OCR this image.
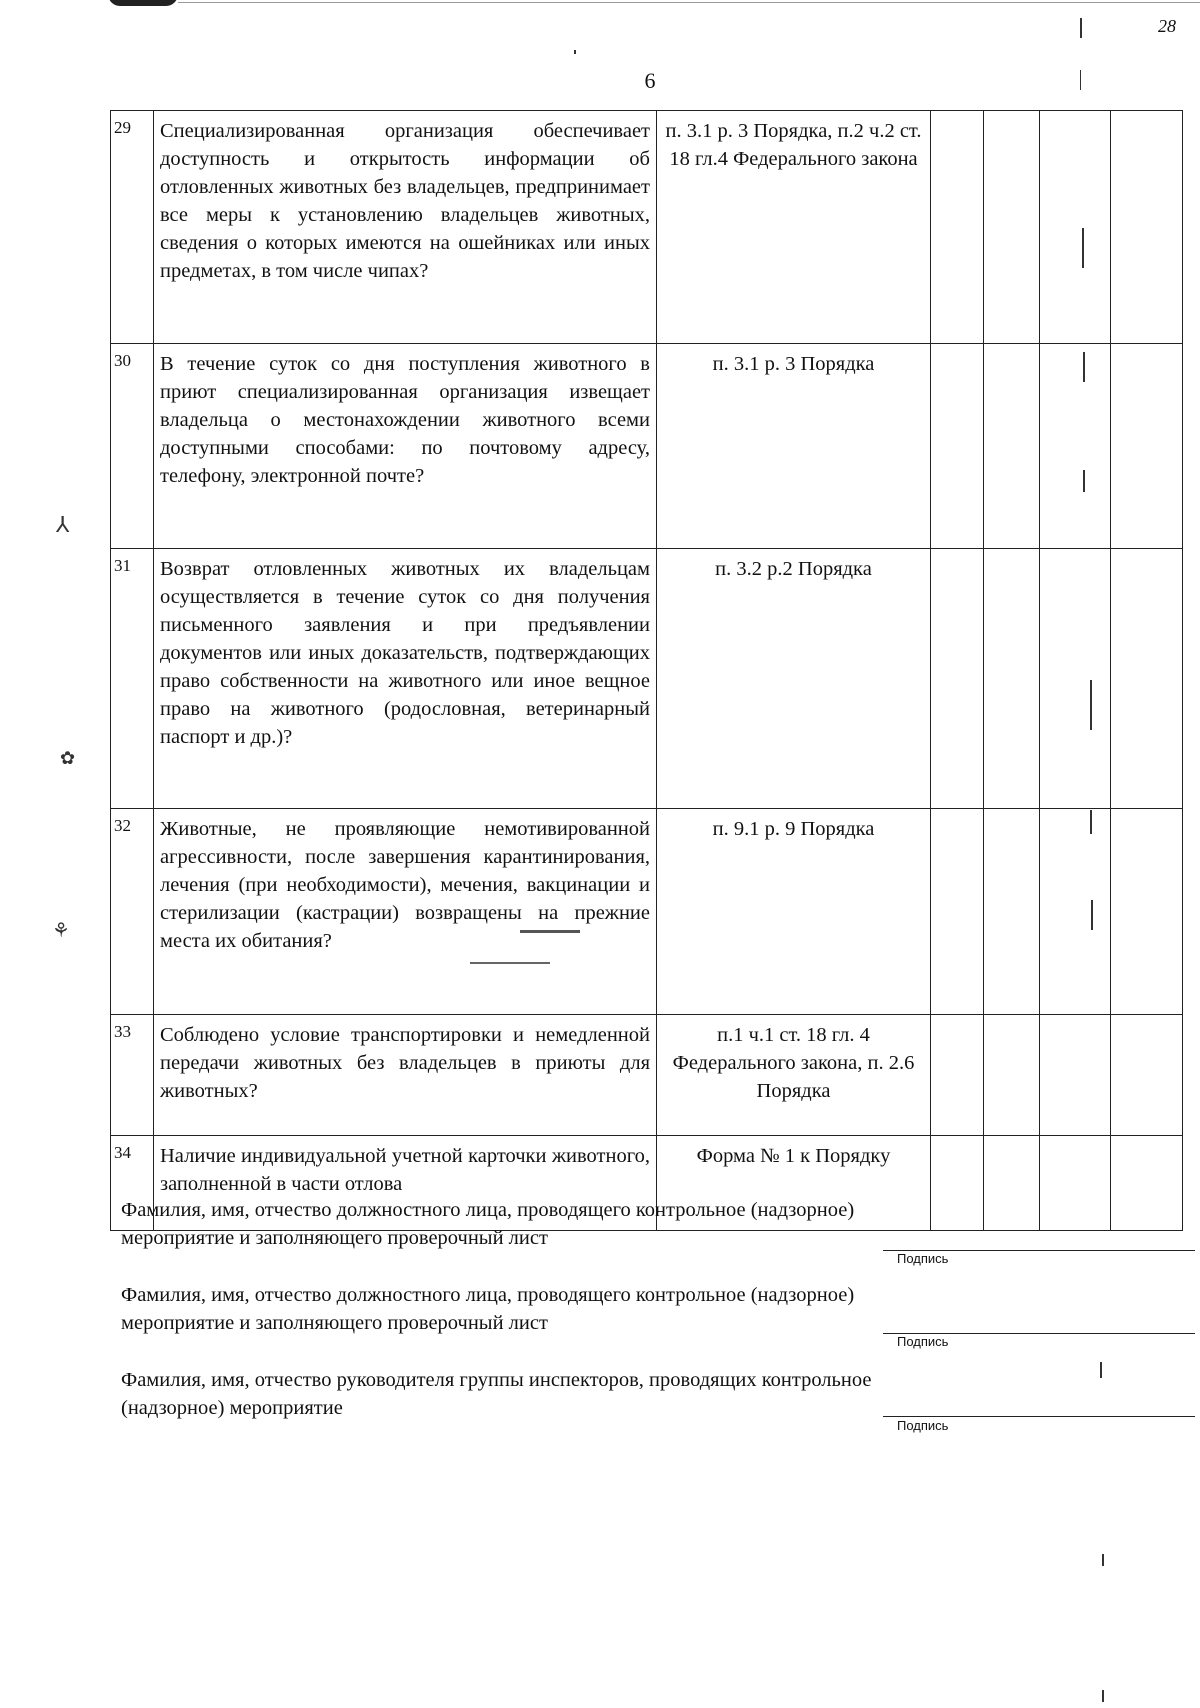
28
6
29	Специализированная организация обеспечивает доступность и открытость информации об отловленных животных без владельцев, предпринимает все меры к установлению владельцев животных, сведения о которых имеются на ошейниках или иных предметах, в том числе чипах?	п. 3.1 р. 3 Порядка, п.2 ч.2 ст. 18 гл.4 Федерального закона				
30	В течение суток со дня поступления животного в приют специализированная организация извещает владельца о местонахождении животного всеми доступными способами: по почтовому адресу, телефону, электронной почте?	п. 3.1 р. 3 Порядка				
31	Возврат отловленных животных их владельцам осуществляется в течение суток со дня получения письменного заявления и при предъявлении документов или иных доказательств, подтверждающих право собственности на животного или иное вещное право на животного (родословная, ветеринарный паспорт и др.)?	п. 3.2 р.2 Порядка				
32	Животные, не проявляющие немотивированной агрессивности, после завершения карантинирования, лечения (при необходимости), мечения, вакцинации и стерилизации (кастрации) возвращены на прежние места их обитания?	п. 9.1 р. 9 Порядка				
33	Соблюдено условие транспортировки и немедленной передачи животных без владельцев в приюты для животных?	п.1 ч.1 ст. 18 гл. 4 Федерального закона, п. 2.6 Порядка				
34	Наличие индивидуальной учетной карточки животного, заполненной в части отлова	Форма № 1 к Порядку				
Фамилия, имя, отчество должностного лица, проводящего контрольное (надзорное) мероприятие и заполняющего проверочный лист
Подпись
Фамилия, имя, отчество должностного лица, проводящего контрольное (надзорное) мероприятие и заполняющего проверочный лист
Подпись
Фамилия, имя, отчество руководителя группы инспекторов, проводящих контрольное (надзорное) мероприятие
Подпись
⅄
✿
⚘
